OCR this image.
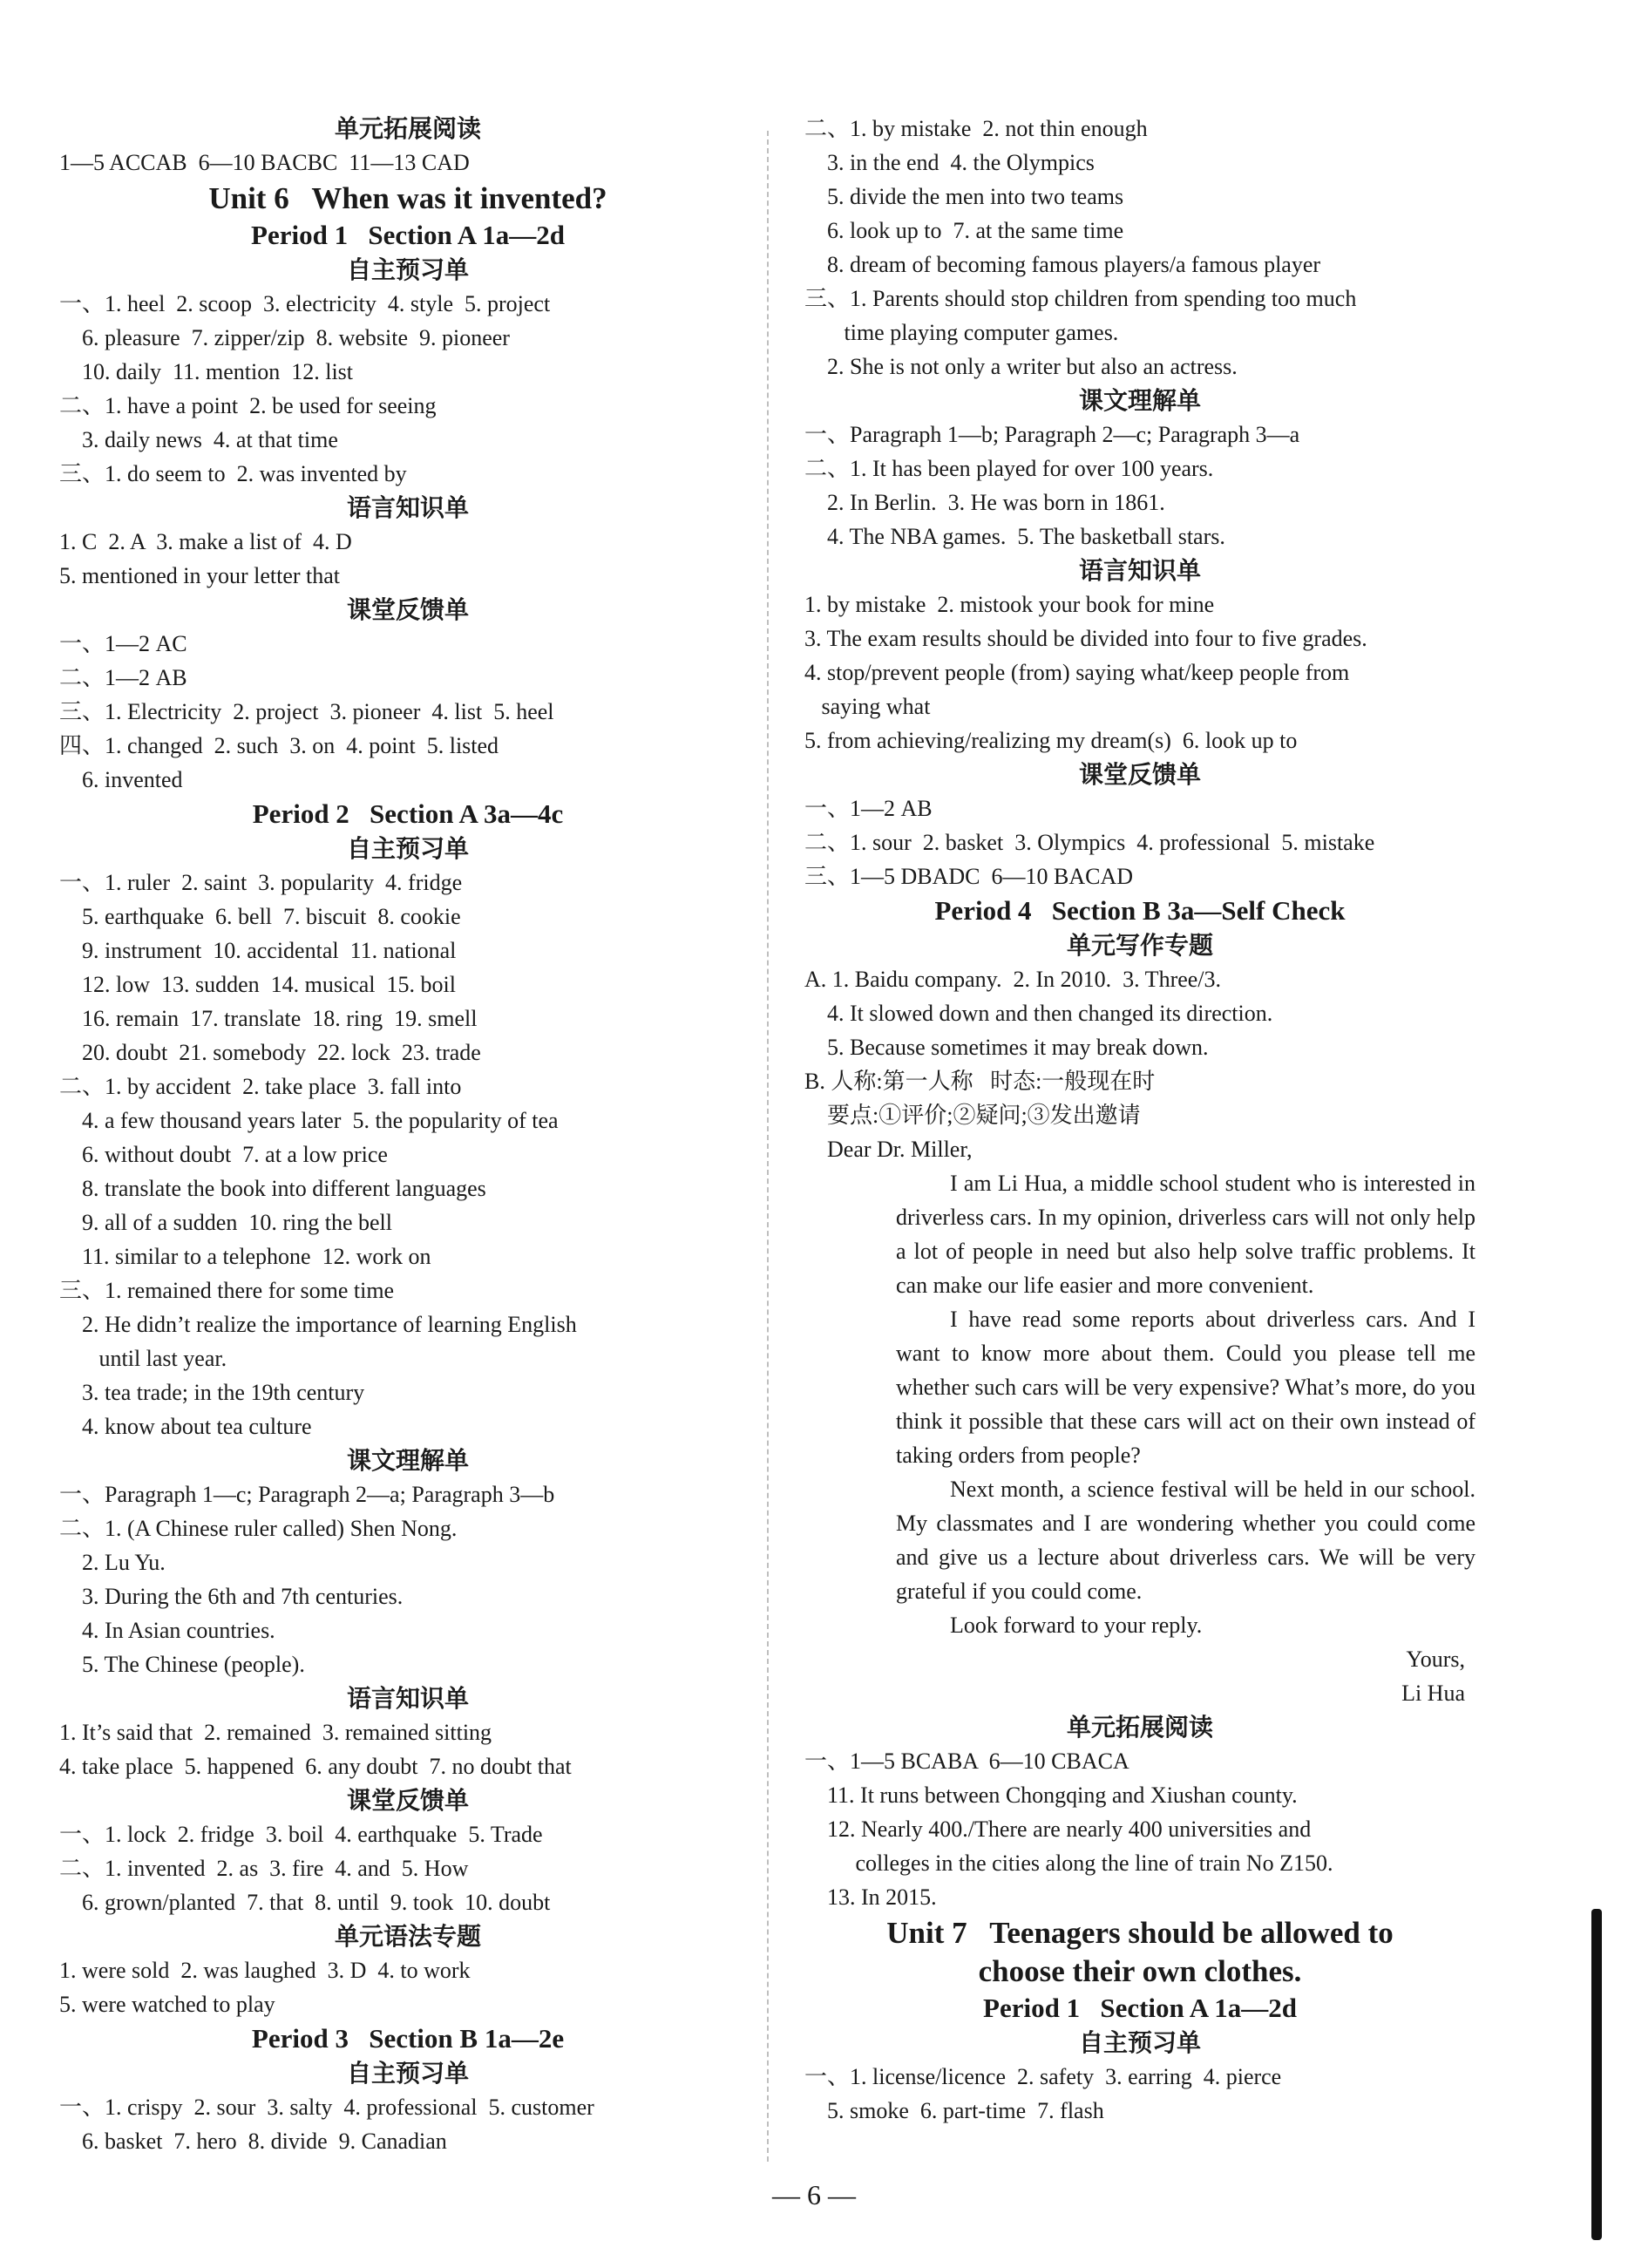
单元拓展阅读
1—5 ACCAB  6—10 BACBC  11—13 CAD
Unit 6   When was it invented?
Period 1   Section A 1a—2d
自主预习单
一、1. heel  2. scoop  3. electricity  4. style  5. project
6. pleasure  7. zipper/zip  8. website  9. pioneer
10. daily  11. mention  12. list
二、1. have a point  2. be used for seeing
3. daily news  4. at that time
三、1. do seem to  2. was invented by
语言知识单
1. C  2. A  3. make a list of  4. D
5. mentioned in your letter that
课堂反馈单
一、1—2 AC
二、1—2 AB
三、1. Electricity  2. project  3. pioneer  4. list  5. heel
四、1. changed  2. such  3. on  4. point  5. listed
6. invented
Period 2   Section A 3a—4c
自主预习单
一、1. ruler  2. saint  3. popularity  4. fridge
5. earthquake  6. bell  7. biscuit  8. cookie
9. instrument  10. accidental  11. national
12. low  13. sudden  14. musical  15. boil
16. remain  17. translate  18. ring  19. smell
20. doubt  21. somebody  22. lock  23. trade
二、1. by accident  2. take place  3. fall into
4. a few thousand years later  5. the popularity of tea
6. without doubt  7. at a low price
8. translate the book into different languages
9. all of a sudden  10. ring the bell
11. similar to a telephone  12. work on
三、1. remained there for some time
2. He didn’t realize the importance of learning English
until last year.
3. tea trade; in the 19th century
4. know about tea culture
课文理解单
一、Paragraph 1—c; Paragraph 2—a; Paragraph 3—b
二、1. (A Chinese ruler called) Shen Nong.
2. Lu Yu.
3. During the 6th and 7th centuries.
4. In Asian countries.
5. The Chinese (people).
语言知识单
1. It’s said that  2. remained  3. remained sitting
4. take place  5. happened  6. any doubt  7. no doubt that
课堂反馈单
一、1. lock  2. fridge  3. boil  4. earthquake  5. Trade
二、1. invented  2. as  3. fire  4. and  5. How
6. grown/planted  7. that  8. until  9. took  10. doubt
单元语法专题
1. were sold  2. was laughed  3. D  4. to work
5. were watched to play
Period 3   Section B 1a—2e
自主预习单
一、1. crispy  2. sour  3. salty  4. professional  5. customer
6. basket  7. hero  8. divide  9. Canadian
二、1. by mistake  2. not thin enough
3. in the end  4. the Olympics
5. divide the men into two teams
6. look up to  7. at the same time
8. dream of becoming famous players/a famous player
三、1. Parents should stop children from spending too much
time playing computer games.
2. She is not only a writer but also an actress.
课文理解单
一、Paragraph 1—b; Paragraph 2—c; Paragraph 3—a
二、1. It has been played for over 100 years.
2. In Berlin.  3. He was born in 1861.
4. The NBA games.  5. The basketball stars.
语言知识单
1. by mistake  2. mistook your book for mine
3. The exam results should be divided into four to five grades.
4. stop/prevent people (from) saying what/keep people from
saying what
5. from achieving/realizing my dream(s)  6. look up to
课堂反馈单
一、1—2 AB
二、1. sour  2. basket  3. Olympics  4. professional  5. mistake
三、1—5 DBADC  6—10 BACAD
Period 4   Section B 3a—Self Check
单元写作专题
A. 1. Baidu company.  2. In 2010.  3. Three/3.
4. It slowed down and then changed its direction.
5. Because sometimes it may break down.
B. 人称:第一人称   时态:一般现在时
要点:①评价;②疑问;③发出邀请
Dear Dr. Miller,
I am Li Hua, a middle school student who is interested in driverless cars. In my opinion, driverless cars will not only help a lot of people in need but also help solve traffic problems. It can make our life easier and more convenient.
I have read some reports about driverless cars. And I want to know more about them. Could you please tell me whether such cars will be very expensive? What’s more, do you think it possible that these cars will act on their own instead of taking orders from people?
Next month, a science festival will be held in our school. My classmates and I are wondering whether you could come and give us a lecture about driverless cars. We will be very grateful if you could come.
Look forward to your reply.
Yours,
Li Hua
单元拓展阅读
一、1—5 BCABA  6—10 CBACA
11. It runs between Chongqing and Xiushan county.
12. Nearly 400./There are nearly 400 universities and
colleges in the cities along the line of train No Z150.
13. In 2015.
Unit 7   Teenagers should be allowed to
choose their own clothes.
Period 1   Section A 1a—2d
自主预习单
一、1. license/licence  2. safety  3. earring  4. pierce
5. smoke  6. part-time  7. flash
— 6 —
